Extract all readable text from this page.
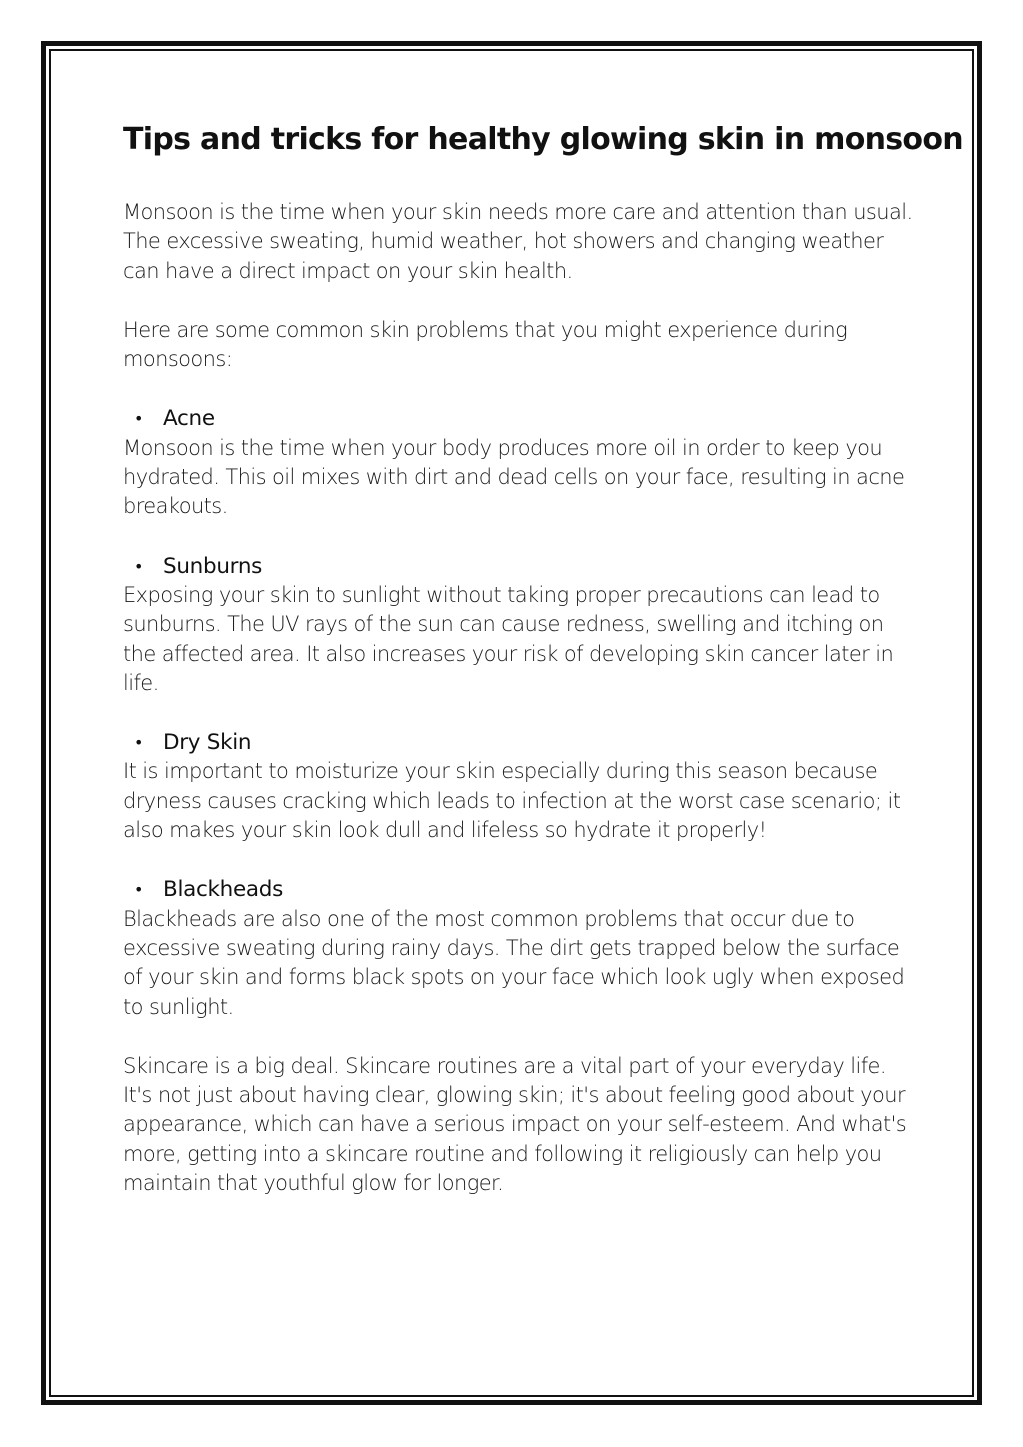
Tips and tricks for healthy glowing skin in monsoon

Monsoon is the time when your skin needs more care and attention than usual. The excessive sweating, humid weather, hot showers and changing weather can have a direct impact on your skin health.

Here are some common skin problems that you might experience during monsoons:

• Acne

Monsoon is the time when your body produces more oil in order to keep you hydrated. This oil mixes with dirt and dead cells on your face, resulting in acne breakouts.

• Sunburns

Exposing your skin to sunlight without taking proper precautions can lead to sunburns. The UV rays of the sun can cause redness, swelling and itching on the affected area. It also increases your risk of developing skin cancer later in life.

• Dry Skin

It is important to moisturize your skin especially during this season because dryness causes cracking which leads to infection at the worst case scenario; it also makes your skin look dull and lifeless so hydrate it properly!

• Blackheads

Blackheads are also one of the most common problems that occur due to excessive sweating during rainy days. The dirt gets trapped below the surface of your skin and forms black spots on your face which look ugly when exposed to sunlight.

Skincare is a big deal. Skincare routines are a vital part of your everyday life. It's not just about having clear, glowing skin; it's about feeling good about your appearance, which can have a serious impact on your self-esteem. And what's more, getting into a skincare routine and following it religiously can help you maintain that youthful glow for longer.
